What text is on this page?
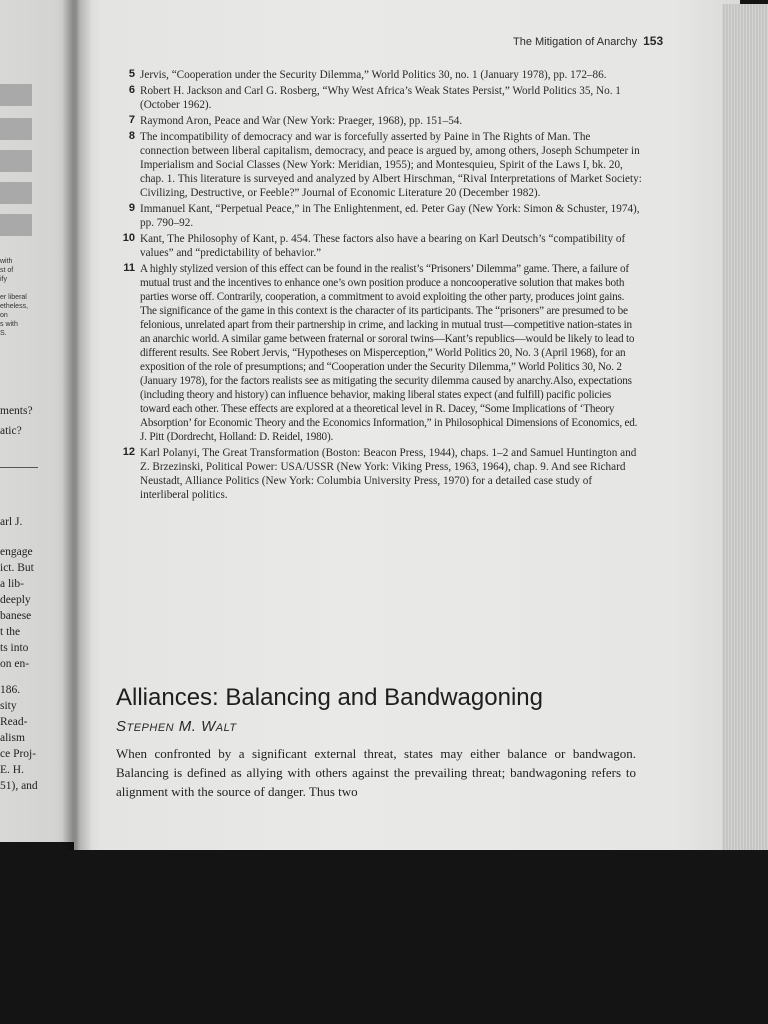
with
st of
ify
er liberal
etheless,
on
s with
S.
ments?
atic?
arl J.
engage
ict. But
a lib-
deeply
banese
t the
ts into
on en-
186.
sity
Read-
alism
ce Proj-
E. H.
51), and
The Mitigation of Anarchy 153
5 Jervis, “Cooperation under the Security Dilemma,” World Politics 30, no. 1 (January 1978), pp. 172–86.
6 Robert H. Jackson and Carl G. Rosberg, “Why West Africa’s Weak States Persist,” World Politics 35, No. 1 (October 1962).
7 Raymond Aron, Peace and War (New York: Praeger, 1968), pp. 151–54.
8 The incompatibility of democracy and war is forcefully asserted by Paine in The Rights of Man. The connection between liberal capitalism, democracy, and peace is argued by, among others, Joseph Schumpeter in Imperialism and Social Classes (New York: Meridian, 1955); and Montesquieu, Spirit of the Laws I, bk. 20, chap. 1. This literature is surveyed and analyzed by Albert Hirschman, “Rival Interpretations of Market Society: Civilizing, Destructive, or Feeble?” Journal of Economic Literature 20 (December 1982).
9 Immanuel Kant, “Perpetual Peace,” in The Enlightenment, ed. Peter Gay (New York: Simon & Schuster, 1974), pp. 790–92.
10 Kant, The Philosophy of Kant, p. 454. These factors also have a bearing on Karl Deutsch’s “compatibility of values” and “predictability of behavior.”
11 A highly stylized version of this effect can be found in the realist’s “Prisoners’ Dilemma” game. There, a failure of mutual trust and the incentives to enhance one’s own position produce a noncooperative solution that makes both parties worse off. Contrarily, cooperation, a commitment to avoid exploiting the other party, produces joint gains. The significance of the game in this context is the character of its participants. The “prisoners” are presumed to be felonious, unrelated apart from their partnership in crime, and lacking in mutual trust—competitive nation-states in an anarchic world. A similar game between fraternal or sororal twins—Kant’s republics—would be likely to lead to different results. See Robert Jervis, “Hypotheses on Misperception,” World Politics 20, No. 3 (April 1968), for an exposition of the role of presumptions; and “Cooperation under the Security Dilemma,” World Politics 30, No. 2 (January 1978), for the factors realists see as mitigating the security dilemma caused by anarchy.Also, expectations (including theory and history) can influence behavior, making liberal states expect (and fulfill) pacific policies toward each other. These effects are explored at a theoretical level in R. Dacey, “Some Implications of ‘Theory Absorption’ for Economic Theory and the Economics Information,” in Philosophical Dimensions of Economics, ed. J. Pitt (Dordrecht, Holland: D. Reidel, 1980).
12 Karl Polanyi, The Great Transformation (Boston: Beacon Press, 1944), chaps. 1–2 and Samuel Huntington and Z. Brzezinski, Political Power: USA/USSR (New York: Viking Press, 1963, 1964), chap. 9. And see Richard Neustadt, Alliance Politics (New York: Columbia University Press, 1970) for a detailed case study of interliberal politics.
Alliances: Balancing and Bandwagoning
Stephen M. Walt
When confronted by a significant external threat, states may either balance or bandwagon. Balancing is defined as allying with others against the prevailing threat; bandwagoning refers to alignment with the source of danger. Thus two
